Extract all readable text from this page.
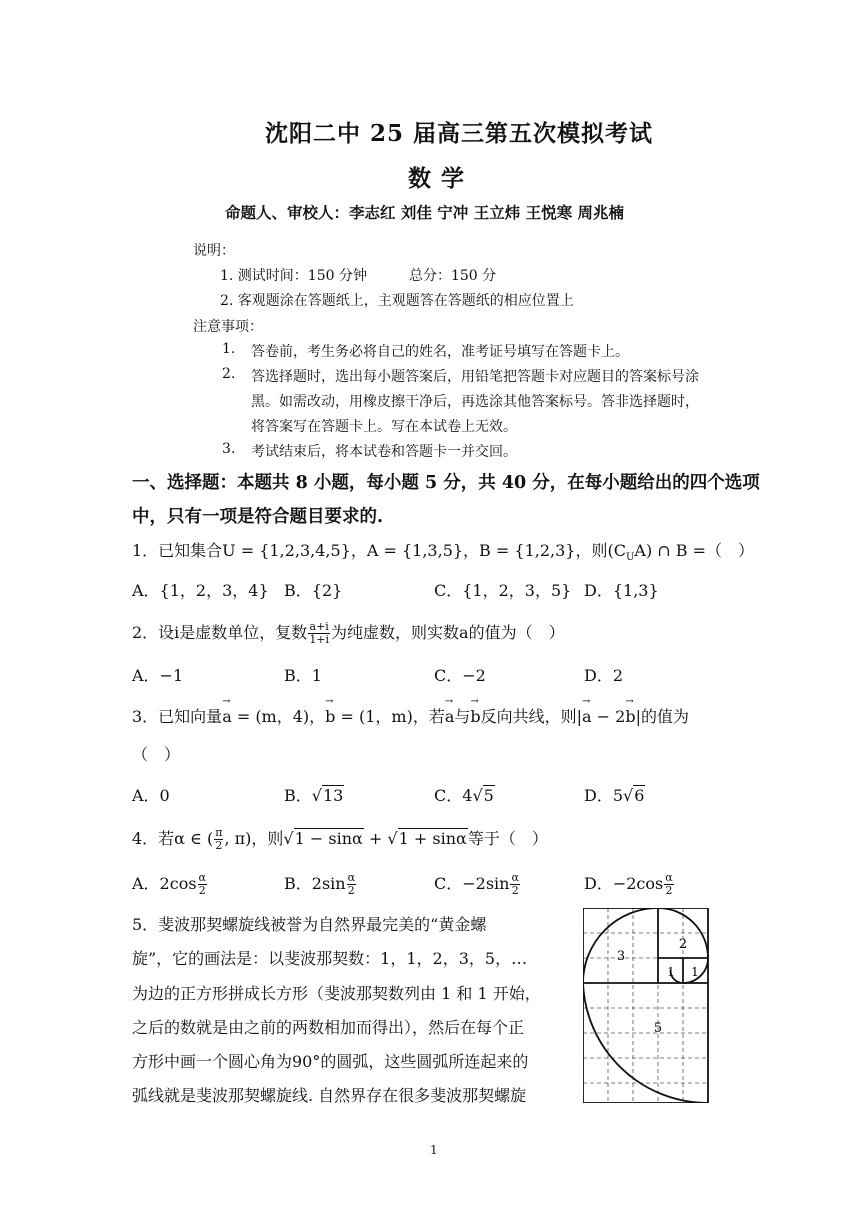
沈阳二中 25 届高三第五次模拟考试
数学
命题人、审校人：李志红 刘佳 宁冲 王立炜 王悦寒 周兆楠
说明：
1. 测试时间：150 分钟　　　总分：150 分
2. 客观题涂在答题纸上，主观题答在答题纸的相应位置上
注意事项：
1. 答卷前，考生务必将自己的姓名，准考证号填写在答题卡上。
2. 答选择题时，选出每小题答案后，用铅笔把答题卡对应题目的答案标号涂
黑。如需改动，用橡皮擦干净后，再选涂其他答案标号。答非选择题时，
将答案写在答题卡上。写在本试卷上无效。
3. 考试结束后，将本试卷和答题卡一并交回。
一、选择题：本题共 8 小题，每小题 5 分，共 40 分，在每小题给出的四个选项
中，只有一项是符合题目要求的.
1．已知集合U = {1,2,3,4,5}，A = {1,3,5}，B = {1,2,3}，则$(C_UA)$ ∩ B =（　）
A．{1，2，3，4} B．{2}	C．{1，2，3，5} D．{1,3}
2．设i是虚数单位，复数 $\frac{a+i}{1+i}$ 为纯虚数，则实数a的值为（　）
A．−1	B．1	C．−2	D．2
3．已知向量→ a = (m，4)，→ b = (1，m)，若→ a与→ b反向共线，则|→ a − 2→ b|的值为
（　）
A．0	B．√13	C．4√5	D．5√6
4．若α ∈ ( $\frac{\pi}{2}$ , π)，则√1 − sinα + √1 + sinα等于（　）
A．$2\cos \frac{\alpha}{2}$	B．$2\sin \frac{\alpha}{2}$	C．$-2\sin \frac{\alpha}{2}$	D．$-2\cos \frac{\alpha}{2}$
5．斐波那契螺旋线被誉为自然界最完美的“黄金螺
旋”，它的画法是：以斐波那契数：1，1，2，3，5，…
为边的正方形拼成长方形（斐波那契数列由 1 和 1 开始，
之后的数就是由之前的两数相加而得出），然后在每个正
方形中画一个圆心角为90°的圆弧，这些圆弧所连起来的
弧线就是斐波那契螺旋线. 自然界存在很多斐波那契螺旋
3
2
1 1
5
1
